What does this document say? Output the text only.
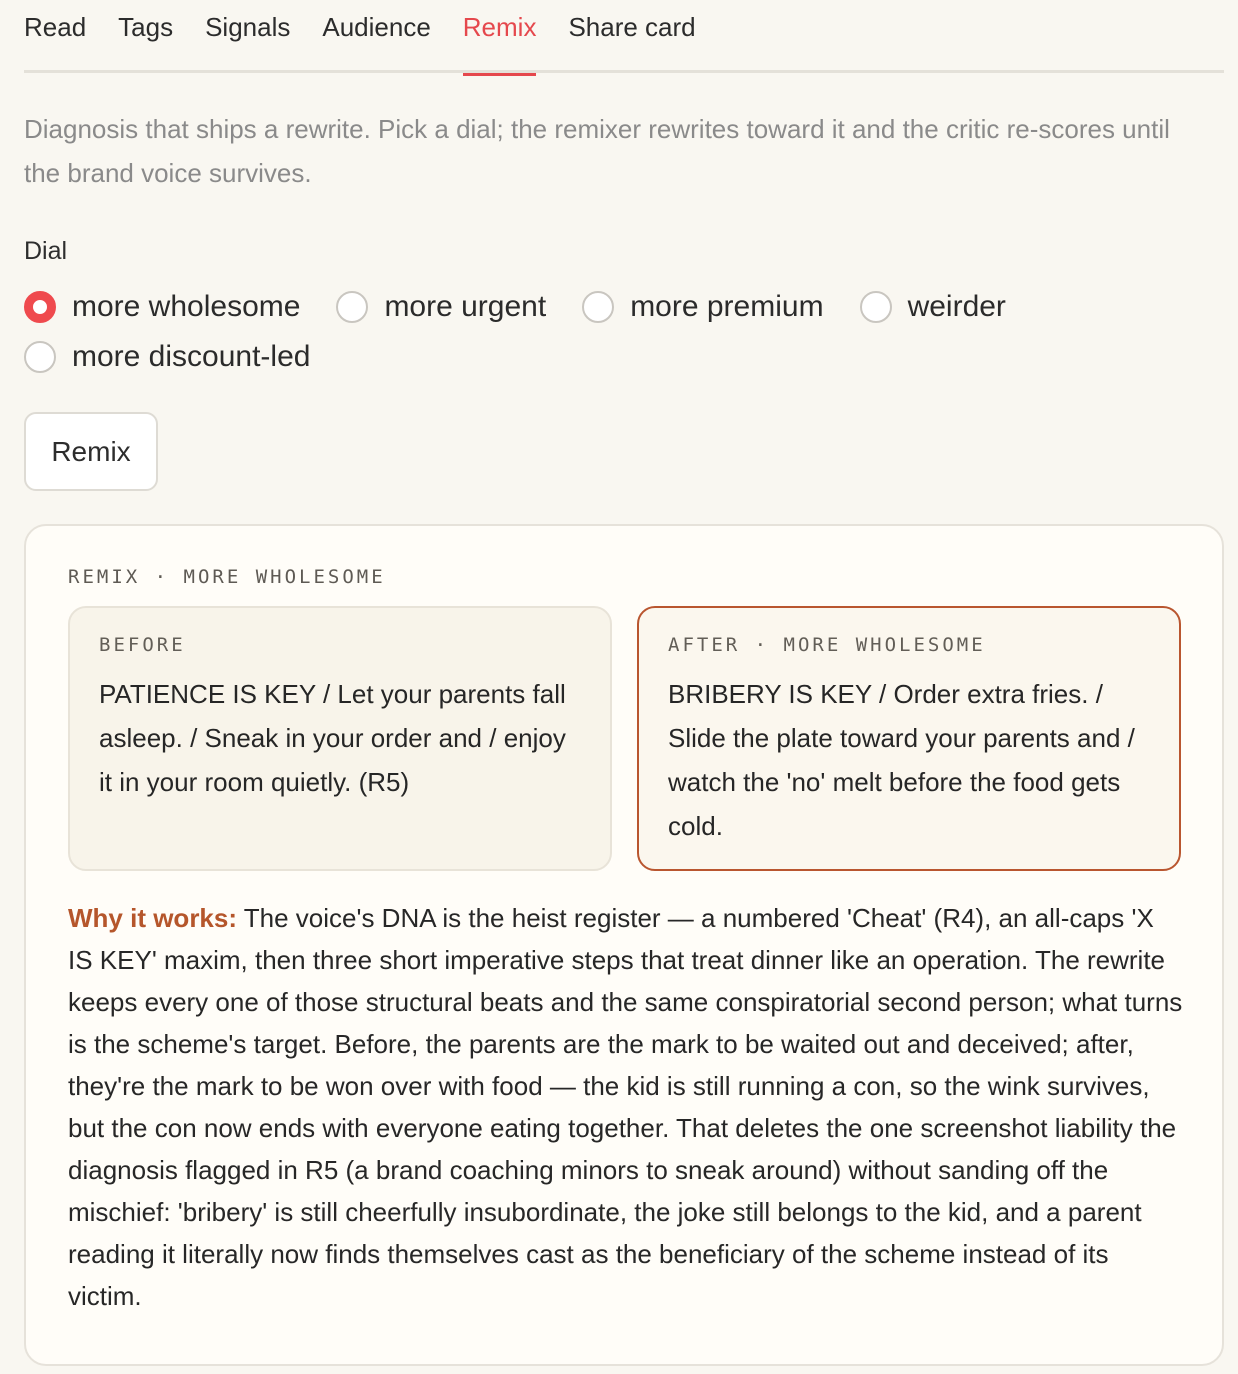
Read Tags Signals Audience Remix Share card

Diagnosis that ships a rewrite. Pick a dial; the remixer rewrites toward it and the critic re-scores until the brand voice survives.

Dial
more wholesome	more urgent	more premium	weirder
more discount-led
Remix
REMIX · MORE WHOLESOME
BEFORE

PATIENCE IS KEY / Let your parents fall asleep. / Sneak in your order and / enjoy it in your room quietly. (R5)

AFTER · MORE WHOLESOME

BRIBERY IS KEY / Order extra fries. / Slide the plate toward your parents and / watch the 'no' melt before the food gets cold.

Why it works: The voice's DNA is the heist register — a numbered 'Cheat' (R4), an all-caps 'X IS KEY' maxim, then three short imperative steps that treat dinner like an operation. The rewrite keeps every one of those structural beats and the same conspiratorial second person; what turns is the scheme's target. Before, the parents are the mark to be waited out and deceived; after, they're the mark to be won over with food — the kid is still running a con, so the wink survives, but the con now ends with everyone eating together. That deletes the one screenshot liability the diagnosis flagged in R5 (a brand coaching minors to sneak around) without sanding off the mischief: 'bribery' is still cheerfully insubordinate, the joke still belongs to the kid, and a parent reading it literally now finds themselves cast as the beneficiary of the scheme instead of its victim.
